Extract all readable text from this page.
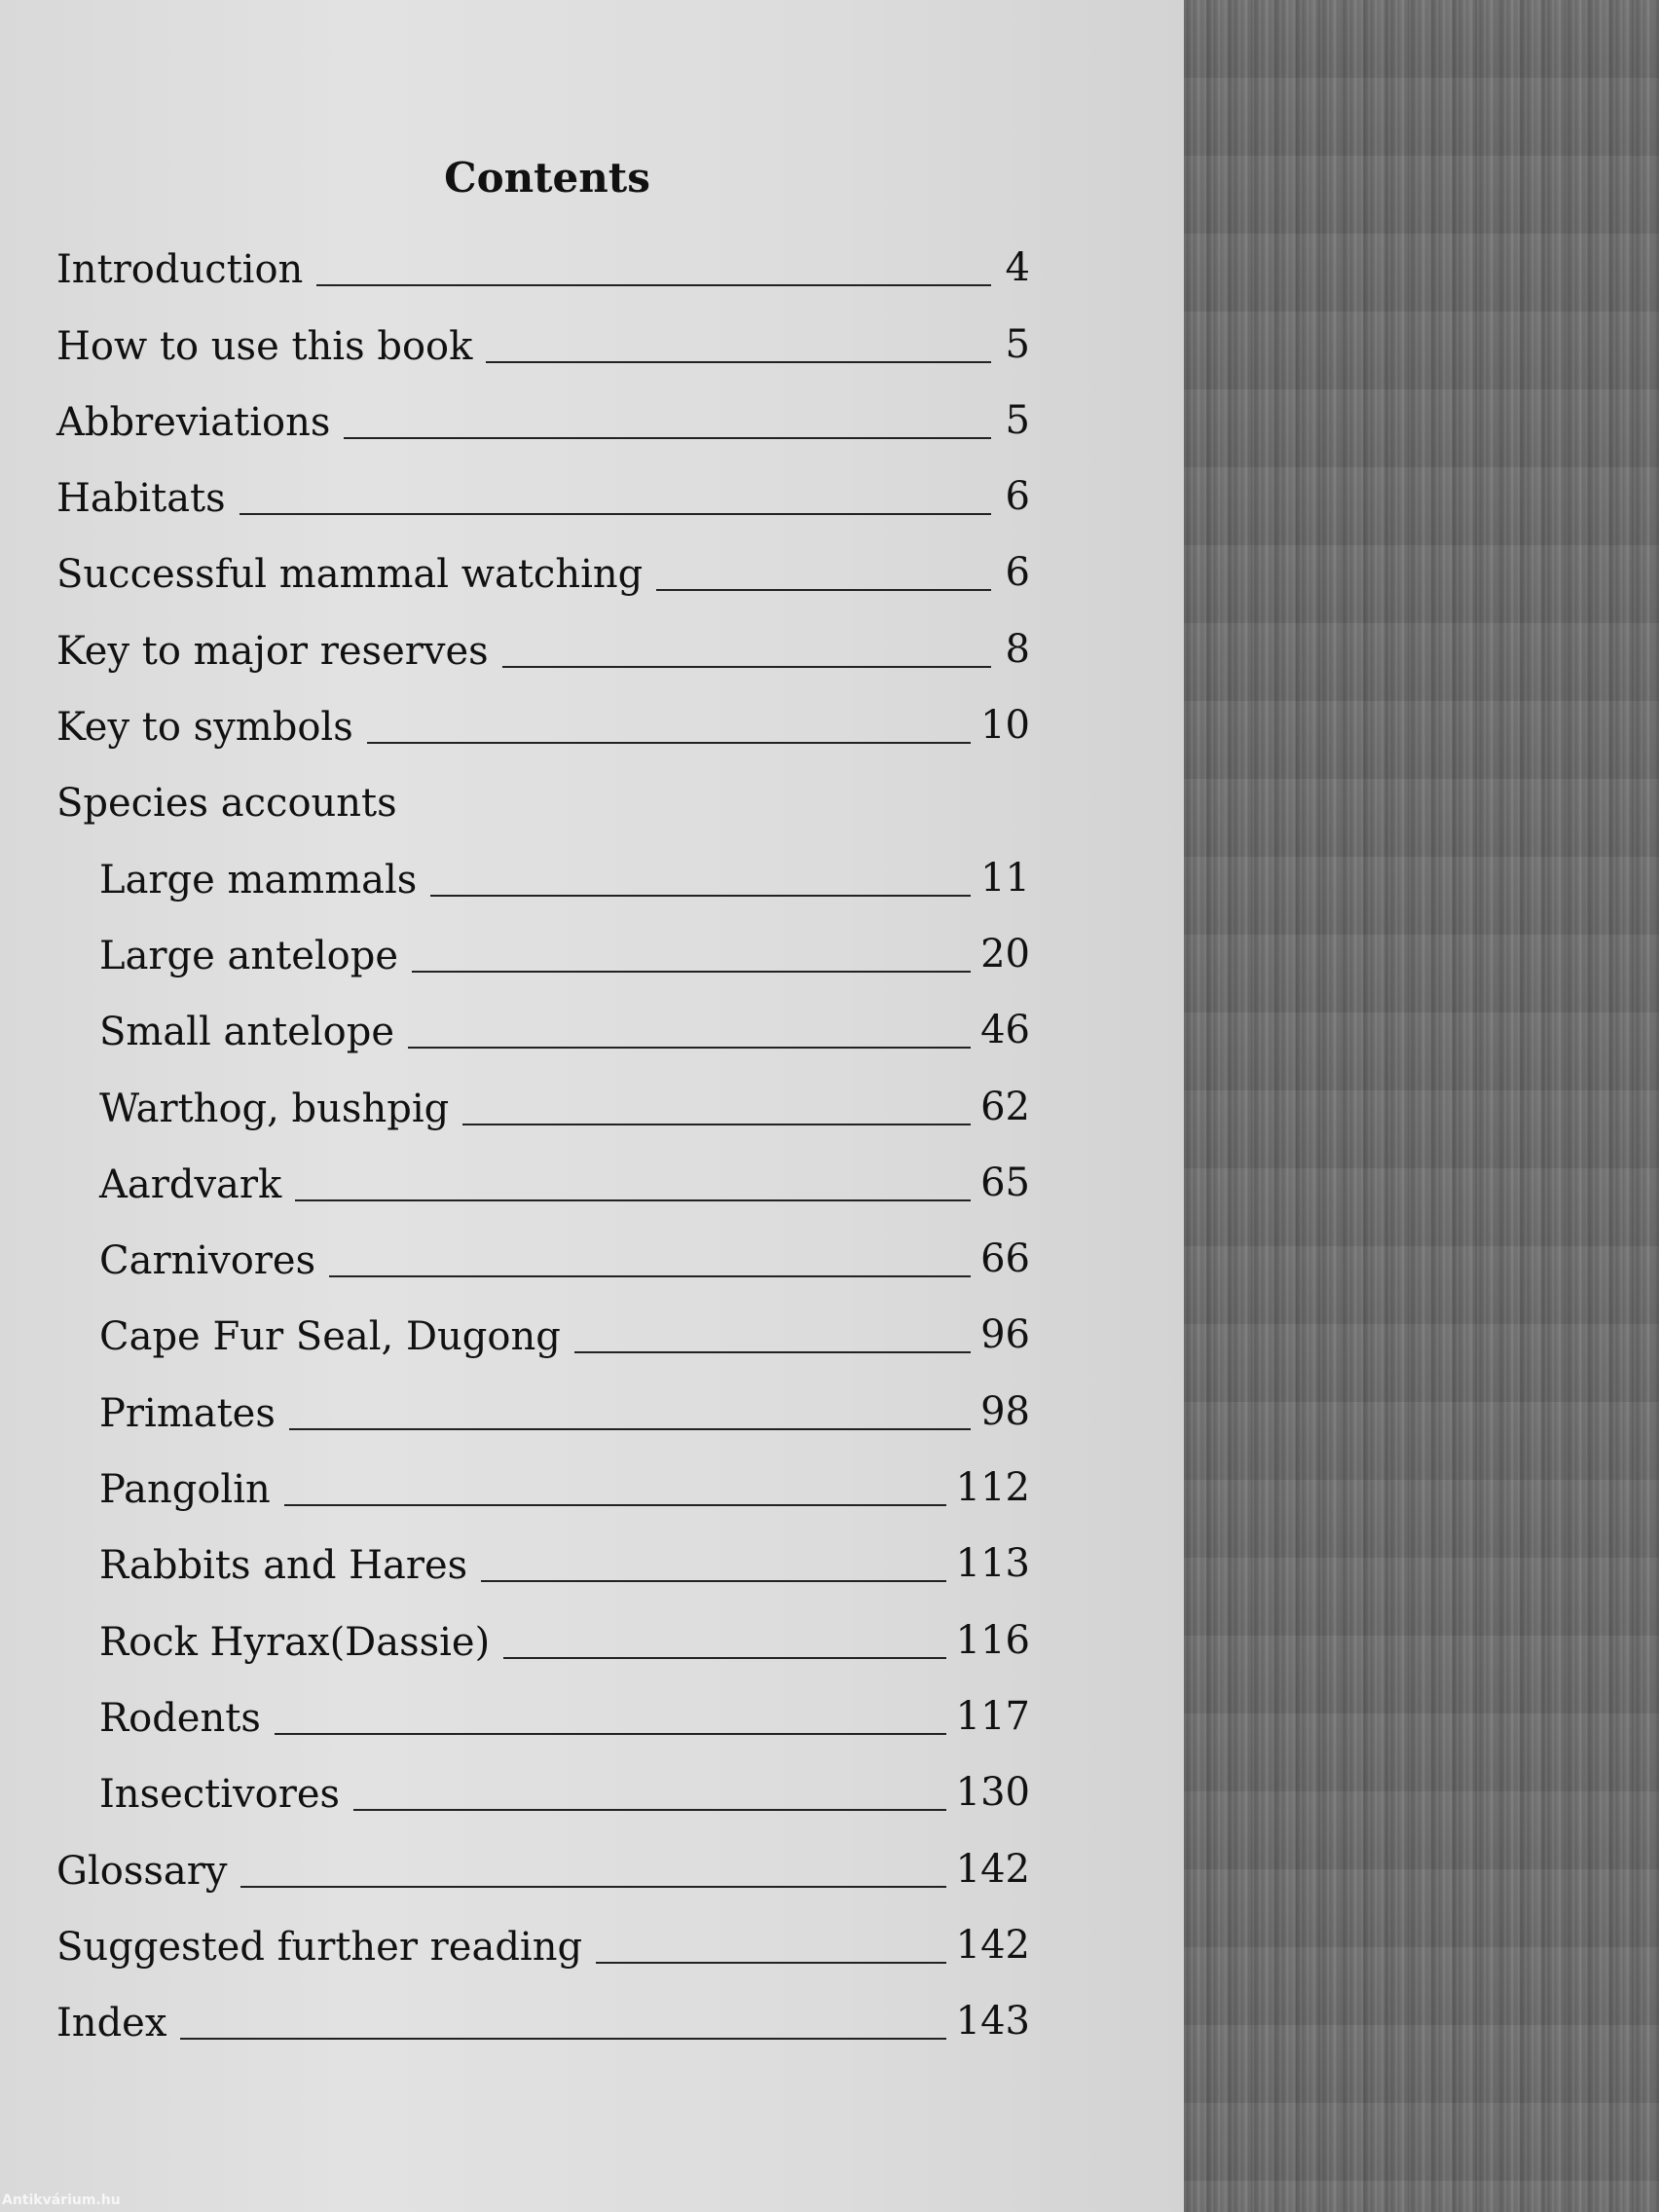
Contents
Introduction	4
How to use this book	5
Abbreviations	5
Habitats	6
Successful mammal watching	6
Key to major reserves	8
Key to symbols	10
Species accounts
Large mammals	11
Large antelope	20
Small antelope	46
Warthog, bushpig	62
Aardvark	65
Carnivores	66
Cape Fur Seal, Dugong	96
Primates	98
Pangolin	112
Rabbits and Hares	113
Rock Hyrax(Dassie)	116
Rodents	117
Insectivores	130
Glossary	142
Suggested further reading	142
Index	143
Antikvárium.hu
